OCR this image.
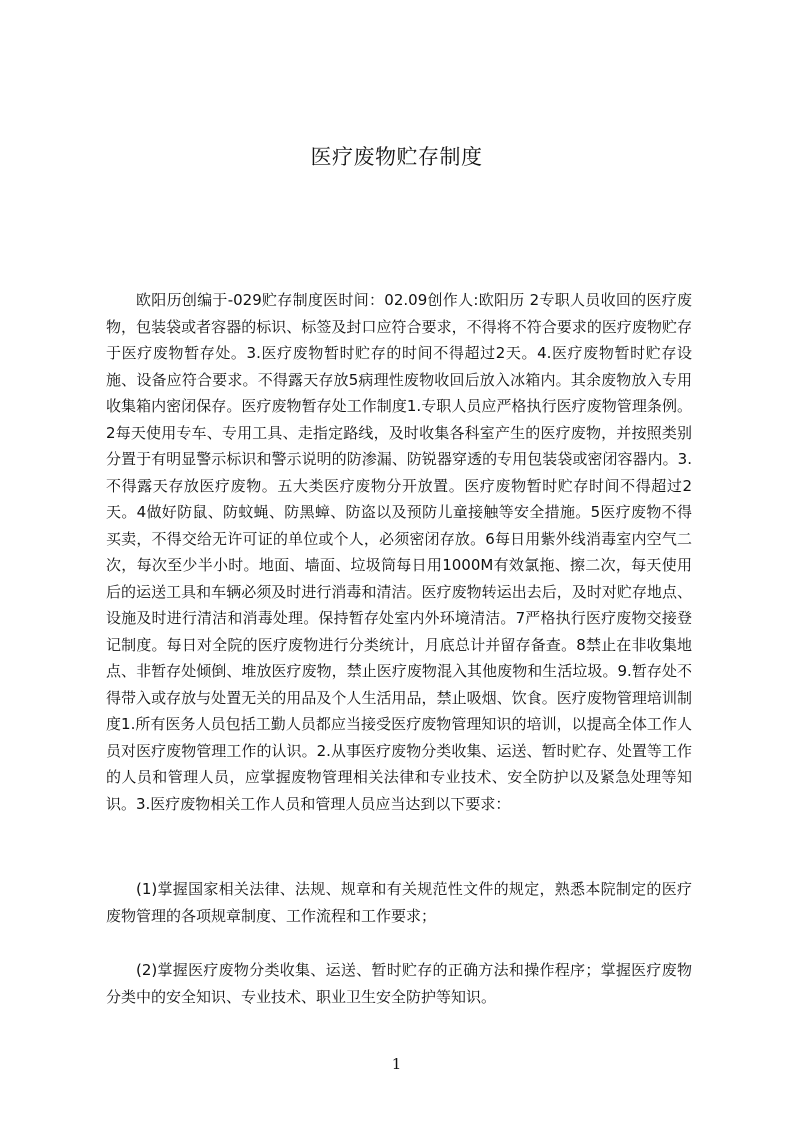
医疗废物贮存制度

欧阳历创编于-029贮存制度医时间：02.09创作人:欧阳历 2专职人员收回的医疗废物，包装袋或者容器的标识、标签及封口应符合要求，不得将不符合要求的医疗废物贮存于医疗废物暂存处。3.医疗废物暂时贮存的时间不得超过2天。4.医疗废物暂时贮存设施、设备应符合要求。不得露天存放5病理性废物收回后放入冰箱内。其余废物放入专用收集箱内密闭保存。医疗废物暂存处工作制度1.专职人员应严格执行医疗废物管理条例。2每天使用专车、专用工具、走指定路线，及时收集各科室产生的医疗废物，并按照类别分置于有明显警示标识和警示说明的防渗漏、防锐器穿透的专用包装袋或密闭容器内。3.不得露天存放医疗废物。五大类医疗废物分开放置。医疗废物暂时贮存时间不得超过2天。4做好防鼠、防蚊蝇、防黑蟑、防盗以及预防儿童接触等安全措施。5医疗废物不得买卖，不得交给无许可证的单位或个人，必须密闭存放。6每日用紫外线消毒室内空气二次，每次至少半小时。地面、墙面、垃圾筒每日用1000M有效氯拖、擦二次，每天使用后的运送工具和车辆必须及时进行消毒和清洁。医疗废物转运出去后，及时对贮存地点、设施及时进行清洁和消毒处理。保持暂存处室内外环境清洁。7严格执行医疗废物交接登记制度。每日对全院的医疗废物进行分类统计，月底总计并留存备查。8禁止在非收集地点、非暂存处倾倒、堆放医疗废物，禁止医疗废物混入其他废物和生活垃圾。9.暂存处不得带入或存放与处置无关的用品及个人生活用品，禁止吸烟、饮食。医疗废物管理培训制度1.所有医务人员包括工勤人员都应当接受医疗废物管理知识的培训，以提高全体工作人员对医疗废物管理工作的认识。2.从事医疗废物分类收集、运送、暂时贮存、处置等工作的人员和管理人员，应掌握废物管理相关法律和专业技术、安全防护以及紧急处理等知识。3.医疗废物相关工作人员和管理人员应当达到以下要求：

(1)掌握国家相关法律、法规、规章和有关规范性文件的规定，熟悉本院制定的医疗废物管理的各项规章制度、工作流程和工作要求；

(2)掌握医疗废物分类收集、运送、暂时贮存的正确方法和操作程序；掌握医疗废物分类中的安全知识、专业技术、职业卫生安全防护等知识。

1
